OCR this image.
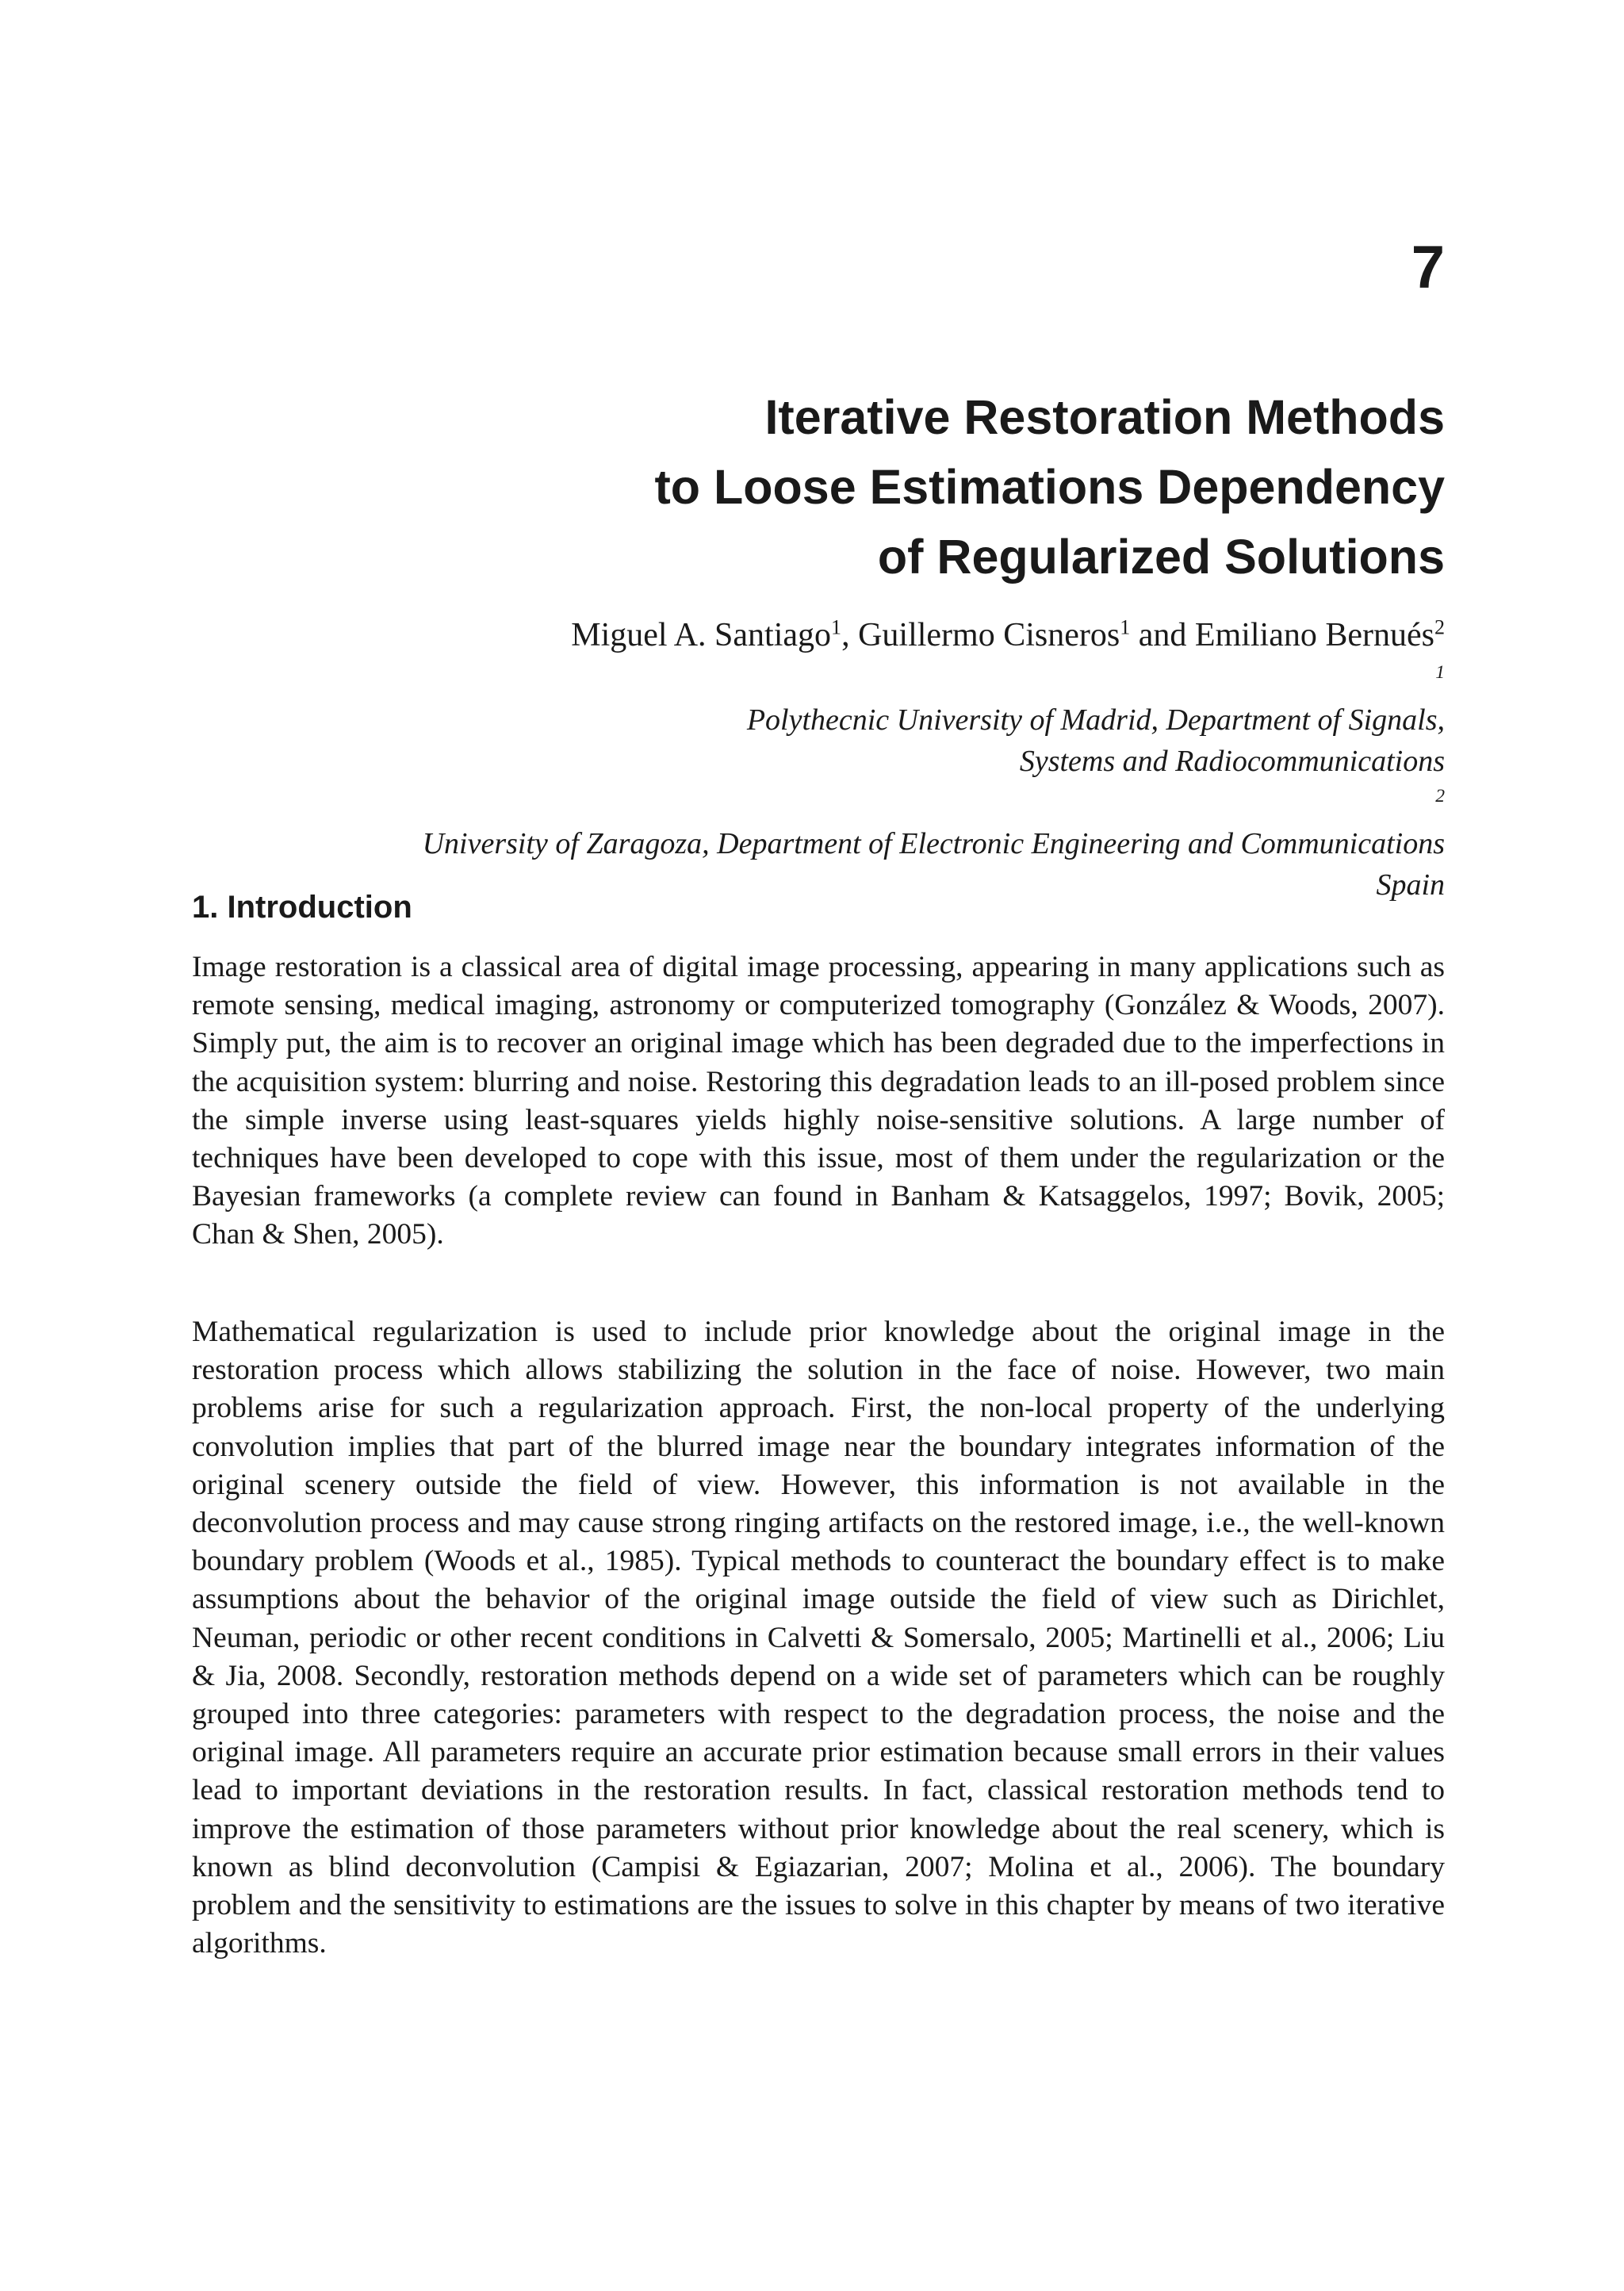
7
Iterative Restoration Methods
to Loose Estimations Dependency
of Regularized Solutions

Miguel A. Santiago$^1$, Guillermo Cisneros$^1$ and Emiliano Bernués$^2$

$^1$
Polythecnic University of Madrid, Department of Signals,
Systems and Radiocommunications
$^2$
University of Zaragoza, Department of Electronic Engineering and Communications
Spain
1. Introduction

Image restoration is a classical area of digital image processing, appearing in many applications such as remote sensing, medical imaging, astronomy or computerized tomography (González & Woods, 2007). Simply put, the aim is to recover an original image which has been degraded due to the imperfections in the acquisition system: blurring and noise. Restoring this degradation leads to an ill-posed problem since the simple inverse using least-squares yields highly noise-sensitive solutions. A large number of techniques have been developed to cope with this issue, most of them under the regularization or the Bayesian frameworks (a complete review can found in Banham & Katsaggelos, 1997; Bovik, 2005; Chan & Shen, 2005).

Mathematical regularization is used to include prior knowledge about the original image in the restoration process which allows stabilizing the solution in the face of noise. However, two main problems arise for such a regularization approach. First, the non-local property of the underlying convolution implies that part of the blurred image near the boundary integrates information of the original scenery outside the field of view. However, this information is not available in the deconvolution process and may cause strong ringing artifacts on the restored image, i.e., the well-known boundary problem (Woods et al., 1985). Typical methods to counteract the boundary effect is to make assumptions about the behavior of the original image outside the field of view such as Dirichlet, Neuman, periodic or other recent conditions in Calvetti & Somersalo, 2005; Martinelli et al., 2006; Liu & Jia, 2008. Secondly, restoration methods depend on a wide set of parameters which can be roughly grouped into three categories: parameters with respect to the degradation process, the noise and the original image. All parameters require an accurate prior estimation because small errors in their values lead to important deviations in the restoration results. In fact, classical restoration methods tend to improve the estimation of those parameters without prior knowledge about the real scenery, which is known as blind deconvolution (Campisi & Egiazarian, 2007; Molina et al., 2006). The boundary problem and the sensitivity to estimations are the issues to solve in this chapter by means of two iterative algorithms.
